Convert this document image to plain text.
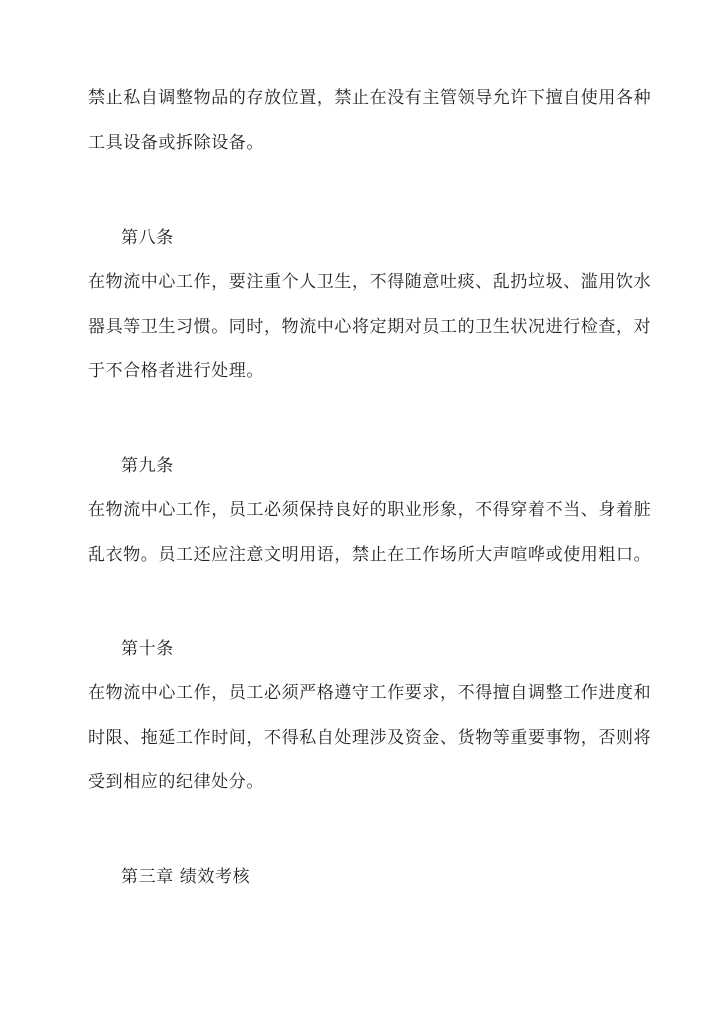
禁止私自调整物品的存放位置，禁止在没有主管领导允许下擅自使用各种
工具设备或拆除设备。
第八条
在物流中心工作，要注重个人卫生，不得随意吐痰、乱扔垃圾、滥用饮水
器具等卫生习惯。同时，物流中心将定期对员工的卫生状况进行检查，对
于不合格者进行处理。
第九条
在物流中心工作，员工必须保持良好的职业形象，不得穿着不当、身着脏
乱衣物。员工还应注意文明用语，禁止在工作场所大声喧哗或使用粗口。
第十条
在物流中心工作，员工必须严格遵守工作要求，不得擅自调整工作进度和
时限、拖延工作时间，不得私自处理涉及资金、货物等重要事物，否则将
受到相应的纪律处分。
第三章 绩效考核
